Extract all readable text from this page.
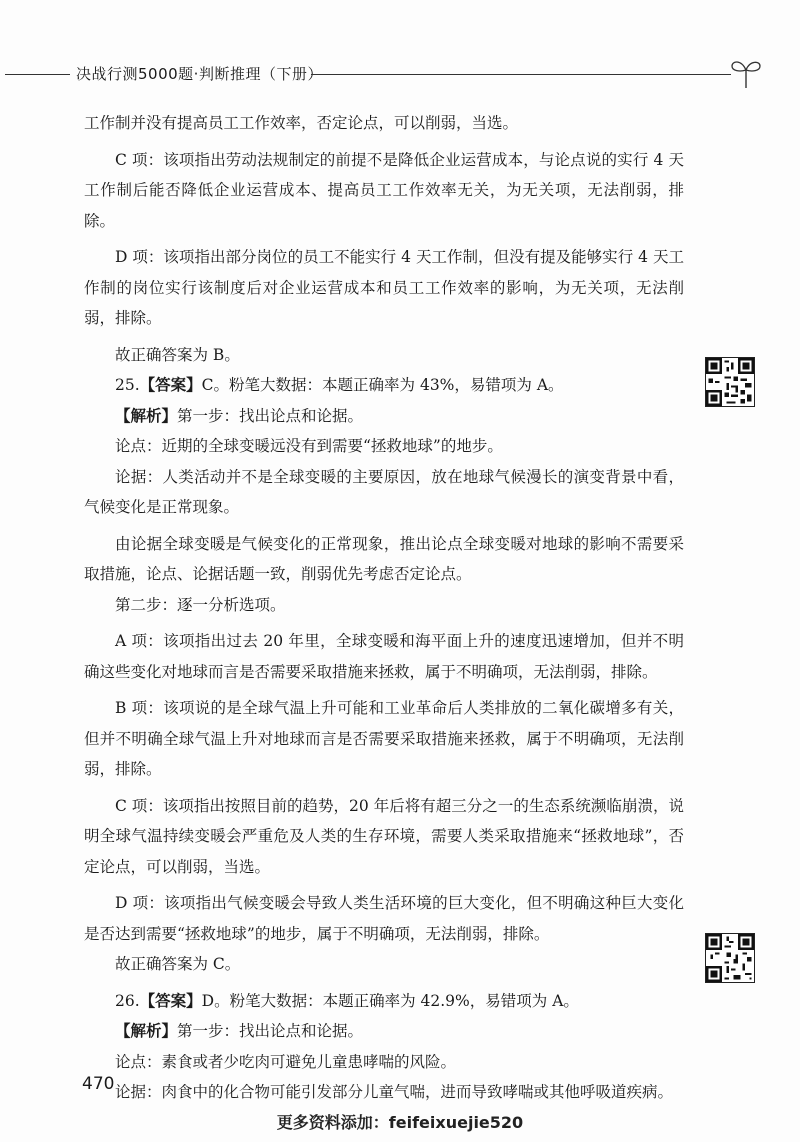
决战行测5000题·判断推理（下册）

工作制并没有提高员工工作效率，否定论点，可以削弱，当选。

C 项：该项指出劳动法规制定的前提不是降低企业运营成本，与论点说的实行 4 天工作制后能否降低企业运营成本、提高员工工作效率无关，为无关项，无法削弱，排除。

D 项：该项指出部分岗位的员工不能实行 4 天工作制，但没有提及能够实行 4 天工作制的岗位实行该制度后对企业运营成本和员工工作效率的影响，为无关项，无法削弱，排除。

故正确答案为 B。

25.【答案】C。粉笔大数据：本题正确率为 43%，易错项为 A。

【解析】第一步：找出论点和论据。

论点：近期的全球变暖远没有到需要“拯救地球”的地步。

论据：人类活动并不是全球变暖的主要原因，放在地球气候漫长的演变背景中看，气候变化是正常现象。

由论据全球变暖是气候变化的正常现象，推出论点全球变暖对地球的影响不需要采取措施，论点、论据话题一致，削弱优先考虑否定论点。

第二步：逐一分析选项。

A 项：该项指出过去 20 年里，全球变暖和海平面上升的速度迅速增加，但并不明确这些变化对地球而言是否需要采取措施来拯救，属于不明确项，无法削弱，排除。

B 项：该项说的是全球气温上升可能和工业革命后人类排放的二氧化碳增多有关，但并不明确全球气温上升对地球而言是否需要采取措施来拯救，属于不明确项，无法削弱，排除。

C 项：该项指出按照目前的趋势，20 年后将有超三分之一的生态系统濒临崩溃，说明全球气温持续变暖会严重危及人类的生存环境，需要人类采取措施来“拯救地球”，否定论点，可以削弱，当选。

D 项：该项指出气候变暖会导致人类生活环境的巨大变化，但不明确这种巨大变化是否达到需要“拯救地球”的地步，属于不明确项，无法削弱，排除。

故正确答案为 C。

26.【答案】D。粉笔大数据：本题正确率为 42.9%，易错项为 A。

【解析】第一步：找出论点和论据。

论点：素食或者少吃肉可避免儿童患哮喘的风险。

论据：肉食中的化合物可能引发部分儿童气喘，进而导致哮喘或其他呼吸道疾病。

470
更多资料添加：feifeixuejie520
